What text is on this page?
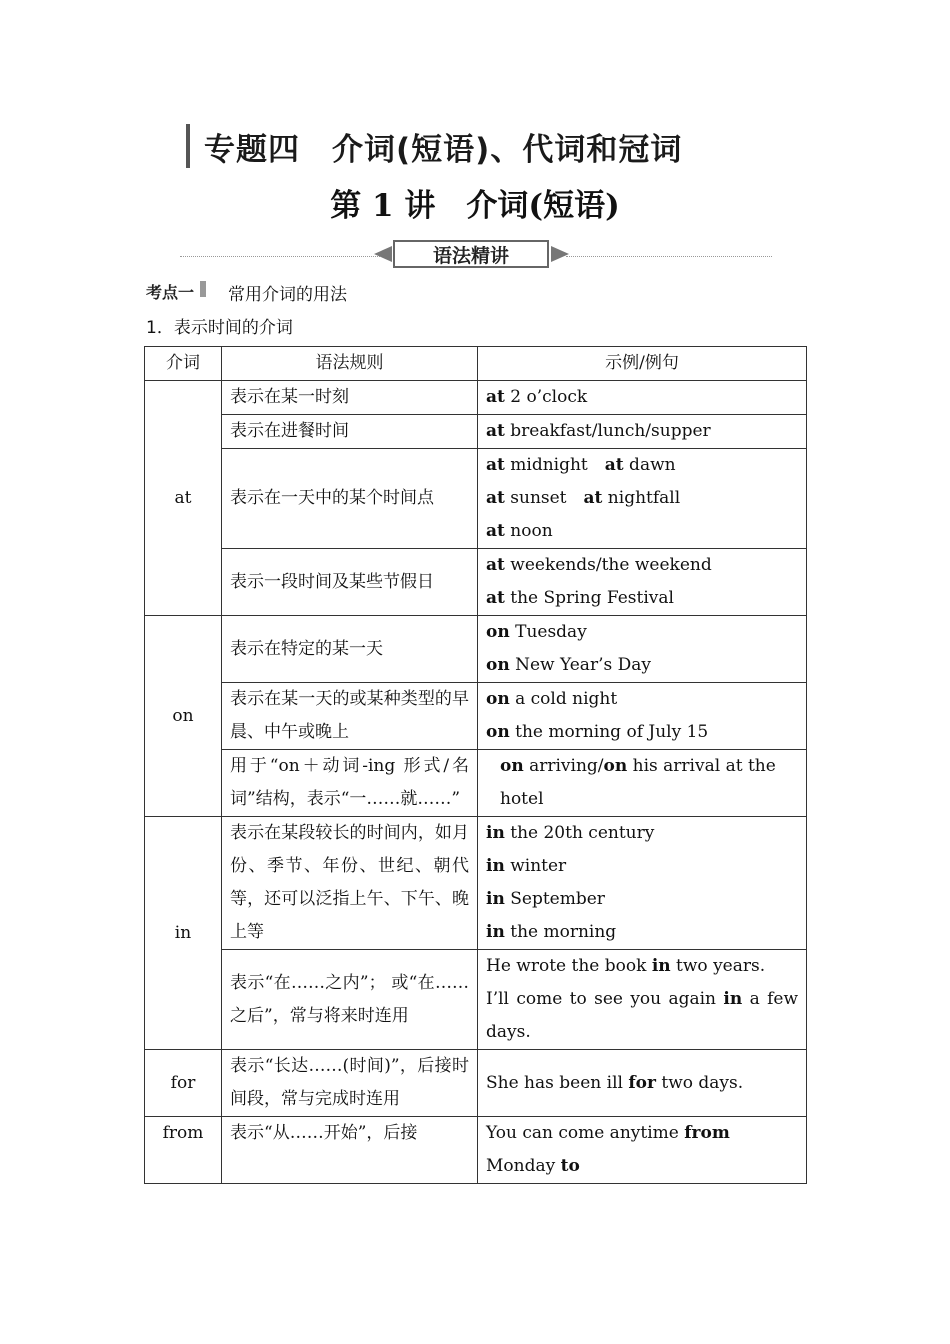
专题四　介词(短语)、代词和冠词
第 1 讲　介词(短语)
语法精讲
考点一 常用介词的用法
1．表示时间的介词
介词	语法规则	示例/例句
at	表示在某一时刻	at 2 o’clock
	表示在进餐时间	at breakfast/lunch/supper
	表示在一天中的某个时间点	at midnight　at dawn
at sunset　at nightfall
at noon

	表示一段时间及某些节假日	at weekends/the weekend
at the Spring Festival

on	表示在特定的某一天	on Tuesday
on New Year’s Day

	表示在某一天的或某种类型的早晨、中午或晚上	on a cold night
on the morning of July 15

	用于“on＋动词-ing 形式/名词”结构，表示“一……就……”	on arriving/on his arrival at the hotel
in	表示在某段较长的时间内，如月份、季节、年份、世纪、朝代等，还可以泛指上午、下午、晚上等	in the 20th century
in winter
in September
in the morning

	表示“在……之内”； 或“在……之后”，常与将来时连用	He wrote the book in two years.
I’ll come to see you again in a few days.

for	表示“长达……(时间)”，后接时间段，常与完成时连用	She has been ill for two days.
from	表示“从……开始”，后接	You can come anytime from Monday to
